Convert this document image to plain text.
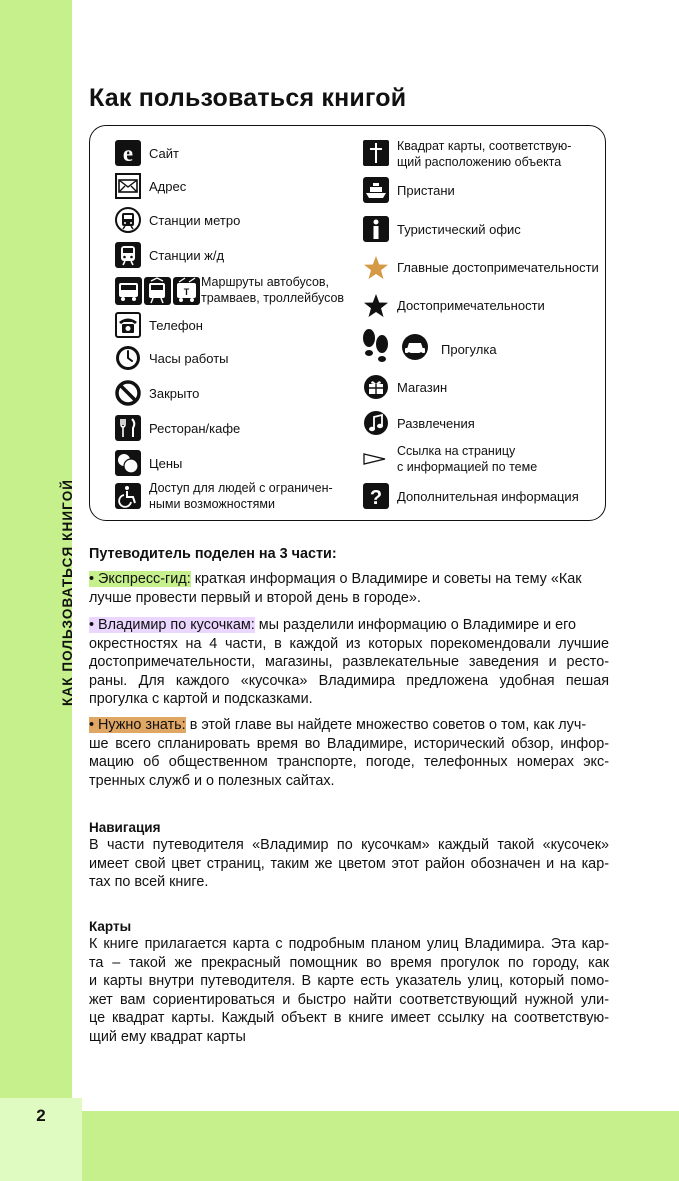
КАК ПОЛЬЗОВАТЬСЯ КНИГОЙ
2
Как пользоваться книгой
e Сайт
Адрес
Станции метро
Станции ж/д
T
Маршруты автобусов,
трамваев, троллейбусов
Телефон
Часы работы
Закрыто
Ресторан/кафе
Цены
Доступ для людей с ограничен-
ными возможностями
Квадрат карты, соответствую-
щий расположению объекта
Пристани
Туристический офис
Главные достопримечательности
Достопримечательности
Прогулка
Магазин
Развлечения
Ссылка на страницу
с информацией по теме
? Дополнительная информация
Путеводитель поделен на 3 части:
• Экспресс-гид: краткая информация о Владимире и советы на тему «Как
лучше провести первый и второй день в городе».
• Владимир по кусочкам: мы разделили информацию о Владимире и его
окрестностях на 4 части, в каждой из которых порекомендовали лучшие
достопримечательности, магазины, развлекательные заведения и ресто-
раны. Для каждого «кусочка» Владимира предложена удобная пешая
прогулка с картой и подсказками.
• Нужно знать: в этой главе вы найдете множество советов о том, как луч-
ше всего спланировать время во Владимире, исторический обзор, инфор-
мацию об общественном транспорте, погоде, телефонных номерах экс-
тренных служб и о полезных сайтах.
Навигация
В части путеводителя «Владимир по кусочкам» каждый такой «кусочек»
имеет свой цвет страниц, таким же цветом этот район обозначен и на кар-
тах по всей книге.
Карты
К книге прилагается карта с подробным планом улиц Владимира. Эта кар-
та – такой же прекрасный помощник во время прогулок по городу, как
и карты внутри путеводителя. В карте есть указатель улиц, который помо-
жет вам сориентироваться и быстро найти соответствующий нужной ули-
це квадрат карты. Каждый объект в книге имеет ссылку на соответствую-
щий ему квадрат карты
